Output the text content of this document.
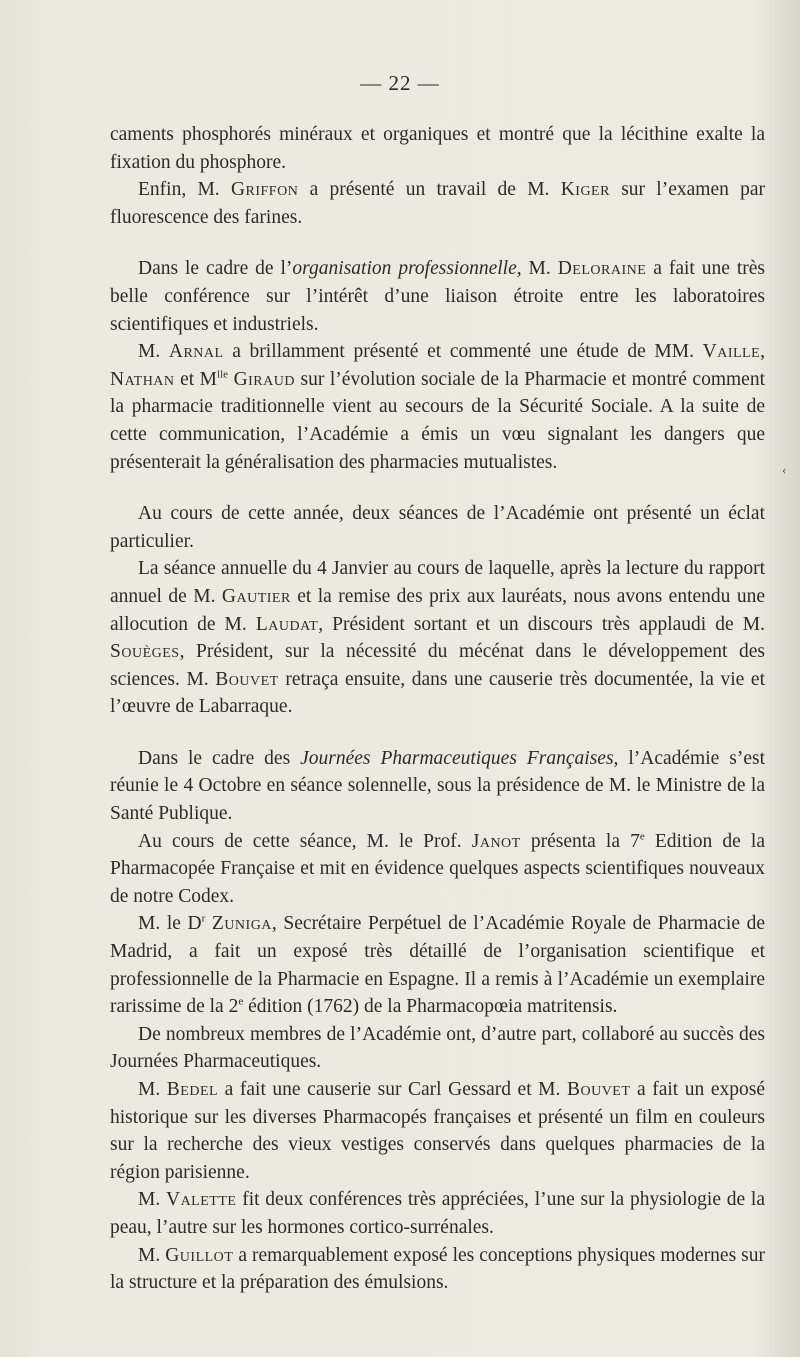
— 22 —
‹

caments phosphorés minéraux et organiques et montré que la lécithine exalte la fixation du phosphore.

Enfin, M. Griffon a présenté un travail de M. Kiger sur l’examen par fluorescence des farines.

Dans le cadre de l’organisation professionnelle, M. Deloraine a fait une très belle conférence sur l’intérêt d’une liaison étroite entre les laboratoires scientifiques et industriels.

M. Arnal a brillamment présenté et commenté une étude de MM. Vaille, Nathan et $M^{lle}$ Giraud sur l’évolution sociale de la Pharmacie et montré comment la pharmacie traditionnelle vient au secours de la Sécurité Sociale. A la suite de cette communication, l’Académie a émis un vœu signalant les dangers que présenterait la généralisation des pharmacies mutualistes.

Au cours de cette année, deux séances de l’Académie ont présenté un éclat particulier.

La séance annuelle du 4 Janvier au cours de laquelle, après la lecture du rapport annuel de M. Gautier et la remise des prix aux lauréats, nous avons entendu une allocution de M. Laudat, Président sortant et un discours très applaudi de M. Souèges, Président, sur la nécessité du mécénat dans le développement des sciences. M. Bouvet retraça ensuite, dans une causerie très documentée, la vie et l’œuvre de Labarraque.

Dans le cadre des Journées Pharmaceutiques Françaises, l’Académie s’est réunie le 4 Octobre en séance solennelle, sous la présidence de M. le Ministre de la Santé Publique.

Au cours de cette séance, M. le Prof. Janot présenta la 7e Edition de la Pharmacopée Française et mit en évidence quelques aspects scientifiques nouveaux de notre Codex.

M. le $D^r$ Zuniga, Secrétaire Perpétuel de l’Académie Royale de Pharmacie de Madrid, a fait un exposé très détaillé de l’organisation scientifique et professionnelle de la Pharmacie en Espagne. Il a remis à l’Académie un exemplaire rarissime de la 2e édition (1762) de la Pharmacopœia matritensis.

De nombreux membres de l’Académie ont, d’autre part, collaboré au succès des Journées Pharmaceutiques.

M. Bedel a fait une causerie sur Carl Gessard et M. Bouvet a fait un exposé historique sur les diverses Pharmacopés françaises et présenté un film en couleurs sur la recherche des vieux vestiges conservés dans quelques pharmacies de la région parisienne.

M. Valette fit deux conférences très appréciées, l’une sur la physiologie de la peau, l’autre sur les hormones cortico-surrénales.

M. Guillot a remarquablement exposé les conceptions physiques modernes sur la structure et la préparation des émulsions.
